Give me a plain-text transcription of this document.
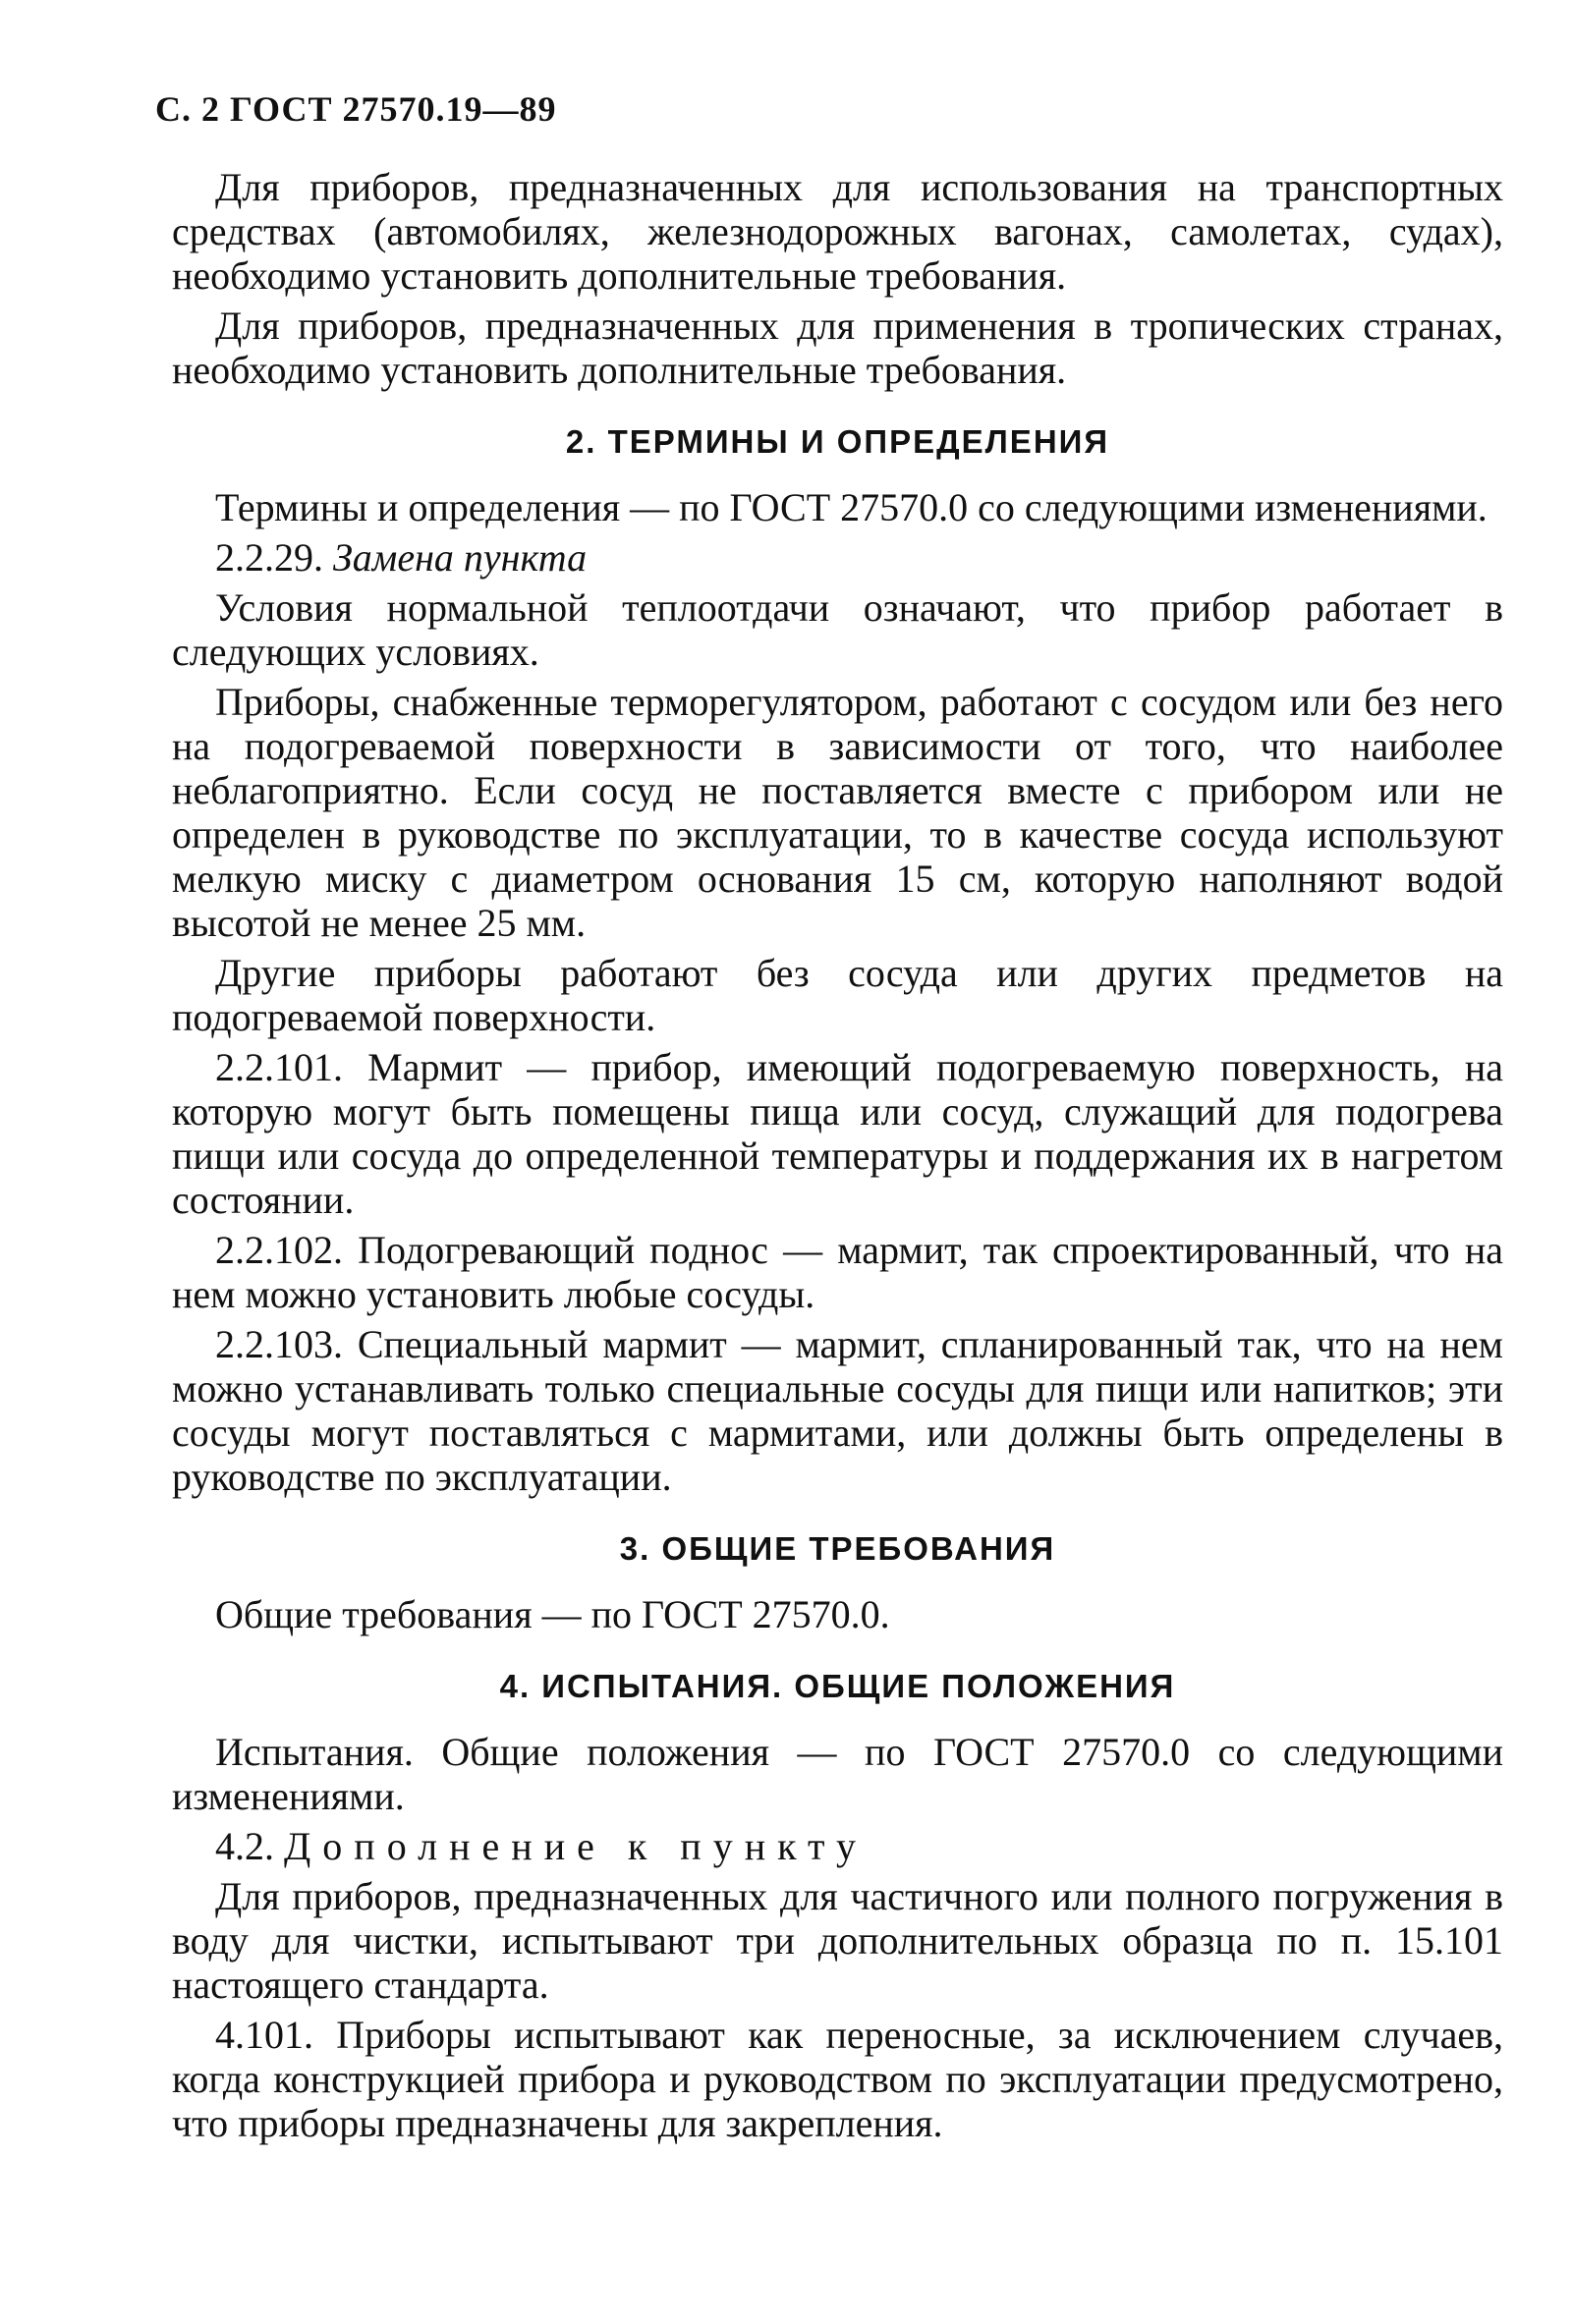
С. 2 ГОСТ 27570.19—89

Для приборов, предназначенных для использования на транспортных средствах (автомобилях, железнодорожных вагонах, самолетах, судах), необходимо установить дополнительные требования.

Для приборов, предназначенных для применения в тропических странах, необходимо установить дополнительные требования.

2. ТЕРМИНЫ И ОПРЕДЕЛЕНИЯ

Термины и определения — по ГОСТ 27570.0 со следующими изменениями.

2.2.29. Замена пункта

Условия нормальной теплоотдачи означают, что прибор работает в следующих условиях.

Приборы, снабженные терморегулятором, работают с сосудом или без него на подогреваемой поверхности в зависимости от того, что наиболее неблагоприятно. Если сосуд не поставляется вместе с прибором или не определен в руководстве по эксплуатации, то в качестве сосуда используют мелкую миску с диаметром основания 15 см, которую наполняют водой высотой не менее 25 мм.

Другие приборы работают без сосуда или других предметов на подогреваемой поверхности.

2.2.101. Мармит — прибор, имеющий подогреваемую поверхность, на которую могут быть помещены пища или сосуд, служащий для подогрева пищи или сосуда до определенной температуры и поддержания их в нагретом состоянии.

2.2.102. Подогревающий поднос — мармит, так спроектированный, что на нем можно установить любые сосуды.

2.2.103. Специальный мармит — мармит, спланированный так, что на нем можно устанавливать только специальные сосуды для пищи или напитков; эти сосуды могут поставляться с мармитами, или должны быть определены в руководстве по эксплуатации.

3. ОБЩИЕ ТРЕБОВАНИЯ

Общие требования — по ГОСТ 27570.0.

4. ИСПЫТАНИЯ. ОБЩИЕ ПОЛОЖЕНИЯ

Испытания. Общие положения — по ГОСТ 27570.0 со следующими изменениями.

4.2. Дополнение к пункту

Для приборов, предназначенных для частичного или полного погружения в воду для чистки, испытывают три дополнительных образца по п. 15.101 настоящего стандарта.

4.101. Приборы испытывают как переносные, за исключением случаев, когда конструкцией прибора и руководством по эксплуатации предусмотрено, что приборы предназначены для закрепления.
